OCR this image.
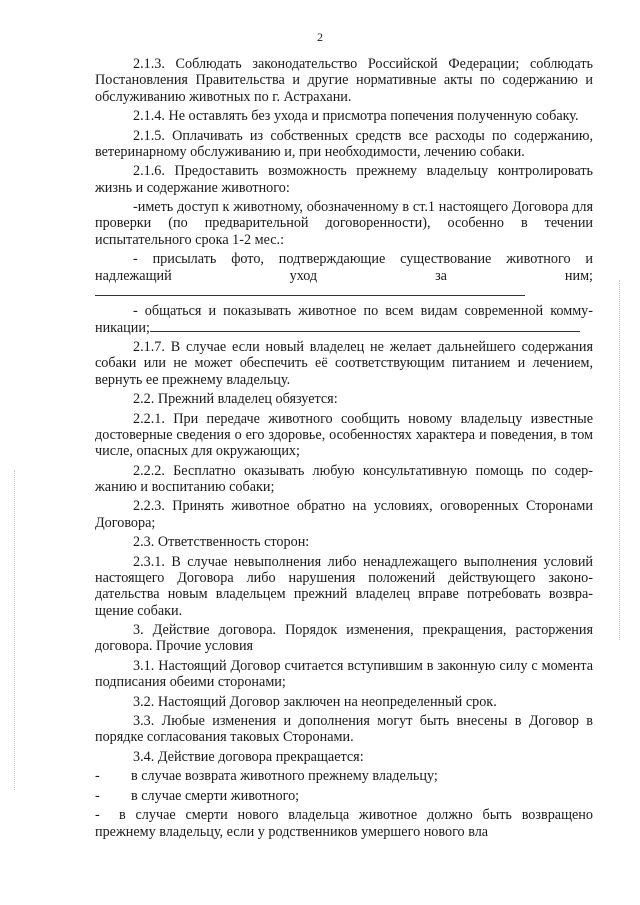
2

2.1.3. Соблюдать законодательство Российской Федерации; соблюдать Постановления Правительства и другие нормативные акты по содержанию и обслуживанию животных по г. Астрахани.

2.1.4. Не оставлять без ухода и присмотра попечения полученную собаку.

2.1.5. Оплачивать из собственных средств все расходы по содержанию, ветеринарному обслуживанию и, при необходимости, лечению собаки.

2.1.6. Предоставить возможность прежнему владельцу контролировать жизнь и содержание животного:

-иметь доступ к животному, обозначенному в ст.1 настоящего Договора для проверки (по предварительной договоренности), особенно в течении испытательного срока 1-2 мес.:

- присылать фото, подтверждающие существование животного и надлежащий уход за ним;

- общаться и показывать животное по всем видам современной коммуникации;

2.1.7. В случае если новый владелец не желает дальнейшего содержания собаки или не может обеспечить её соответствующим питанием и лечением, вернуть ее прежнему владельцу.

2.2. Прежний владелец обязуется:

2.2.1. При передаче животного сообщить новому владельцу известные достоверные сведения о его здоровье, особенностях характера и поведения, в том числе, опасных для окружающих;

2.2.2. Бесплатно оказывать любую консультативную помощь по содержанию и воспитанию собаки;

2.2.3. Принять животное обратно на условиях, оговоренных Сторонами Договора;

2.3. Ответственность сторон:

2.3.1. В случае невыполнения либо ненадлежащего выполнения условий настоящего Договора либо нарушения положений действующего законодательства новым владельцем прежний владелец вправе потребовать возвращение собаки.

3. Действие договора. Порядок изменения, прекращения, расторжения договора. Прочие условия

3.1. Настоящий Договор считается вступившим в законную силу с момента подписания обеими сторонами;

3.2. Настоящий Договор заключен на неопределенный срок.

3.3. Любые изменения и дополнения могут быть внесены в Договор в порядке согласования таковых Сторонами.

3.4. Действие договора прекращается:

- в случае возврата животного прежнему владельцу;

- в случае смерти животного;

- в случае смерти нового владельца животное должно быть возвращено прежнему владельцу, если у родственников умершего нового вла
